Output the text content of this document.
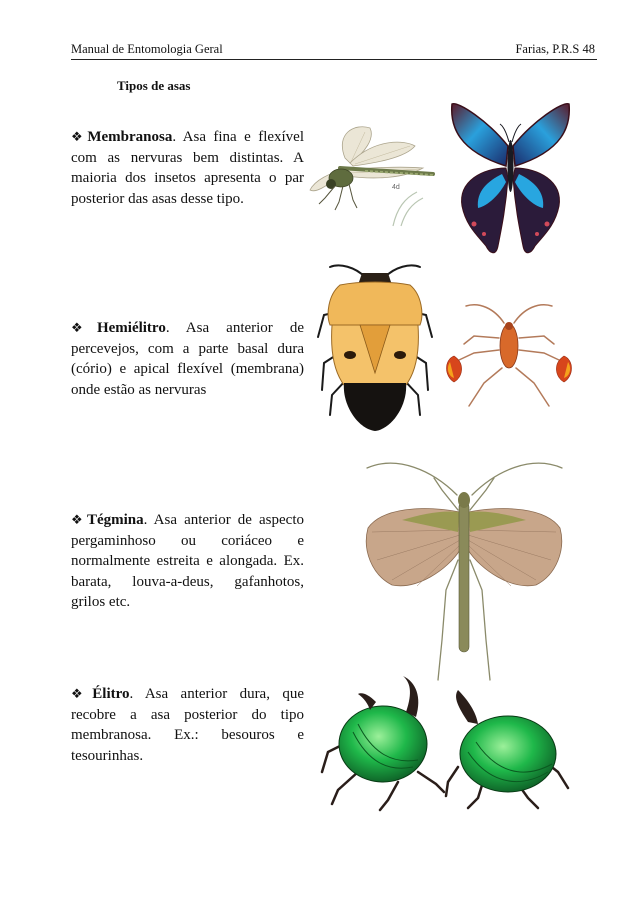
Manual de Entomologia Geral	Farias, P.R.S 48
Tipos de asas
❖Membranosa. Asa fina e flexível com as nervuras bem distintas. A maioria dos insetos apresenta o par posterior das asas desse tipo.
❖Hemiélitro. Asa anterior de percevejos, com a parte basal dura (cório) e apical flexível (membrana) onde estão as nervuras
❖Tégmina. Asa anterior de aspecto pergaminhoso ou coriáceo e normalmente estreita e alongada. Ex. barata, louva-a-deus, gafanhotos, grilos etc.
❖Élitro. Asa anterior dura, que recobre a asa posterior do tipo membranosa. Ex.: besouros e tesourinhas.
4d
